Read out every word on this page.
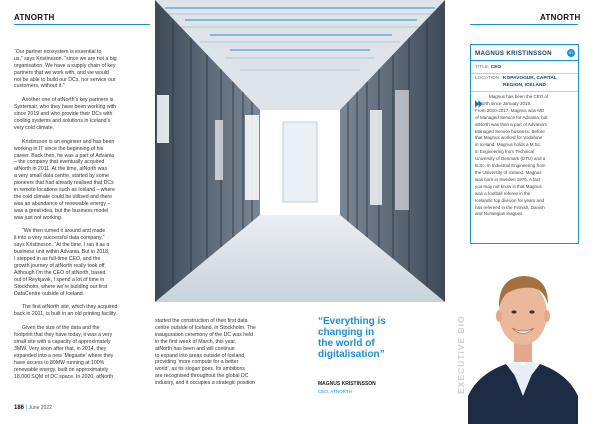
ATNORTH	ATNORTH

“Our partner ecosystem is essential to
us,” says Kristinsson. “since we are not a big
organisation. We have a supply chain of key
partners that we work with, and we would
not be able to build our DCs, nor service our
customers, without it.”

Another one of atNorth’s key partners is
Systemair, who they have been working with
since 2019 and who provide their DCs with
cooling systems and solutions in Iceland’s
very cold climate.

Kristinsson is an engineer and has been
working in IT since the beginning of his
career. Back then, he was a part of Advania
– the company that eventually acquired
atNorth in 2011. At the time, atNorth was
a very small data centre, started by some
pioneers that had already realised that DCs
in remote locations such as Iceland – where
the cold climate could be utilised and there
was an abundance of renewable energy –
was a great idea, but the business model
was just not working.

“We then turned it around and made
it into a very successful data company,”
says Kristinsson. “At the time, I ran it as a
business unit within Advania. But in 2018,
I stepped in as full-time CEO, and the
growth journey of atNorth really took off.
Although I’m the CEO of atNorth, based
out of Reykjavik, I spend a lot of time in
Stockholm, where we’re building our first
DataCentre outside of Iceland.

The first atNorth site, which they acquired
back in 2011, is built in an old printing facility.

Given the size of the data and the
footprint that they have today, it was a very
small site with a capacity of approximately
3MW. Very soon after that, in 2014, they
expanded into a new ‘Megasite’ where they
have access to 80MW running at 100%
renewable energy, built on approximately
18,000 SQM of DC space. In 2020, atNorth

started the construction of their first data
centre outside of Iceland, in Stockholm. The
inauguration ceremony of the DC was held
in the first week of March, this year.
atNorth has been and will continue
to expand into areas outside of Iceland,
providing ‘more compute for a better
world’, as its slogan goes. Its ambitions
are recognised throughout the global DC
industry, and it occupies a strategic position
“Everything is
changing in
the world of
digitalisation”
MAGNUS KRISTINSSON
CEO, ATNORTH
MAGNUS KRISTINSSON	in
TITLE: CEO
LOCATION: KOPAVOGUR, CAPITAL
REGION, ICELAND
Magnus has been the CEO of
atNorth since January 2018.
From 2010-2017, Magnus was MD
of Managed Service for Advania, but
atNorth was then a part of Advania's
Managed Service business. Before
that Magnus worked for Vodafone
in Iceland. Magnus holds a M.Sc.
in Engineering from Technical
University of Denmark (DTU) and a
B.Sc. in Industrial Engineering from
the University of Iceland. Magnus
was born in Sweden 1976. A fact
you may not know is that Magnus
was a football referee in the
Icelandic top division for years and
has refereed in the Finnish, Danish
and Norwegian leagues.
EXECUTIVE BIO
186 | June 2022
